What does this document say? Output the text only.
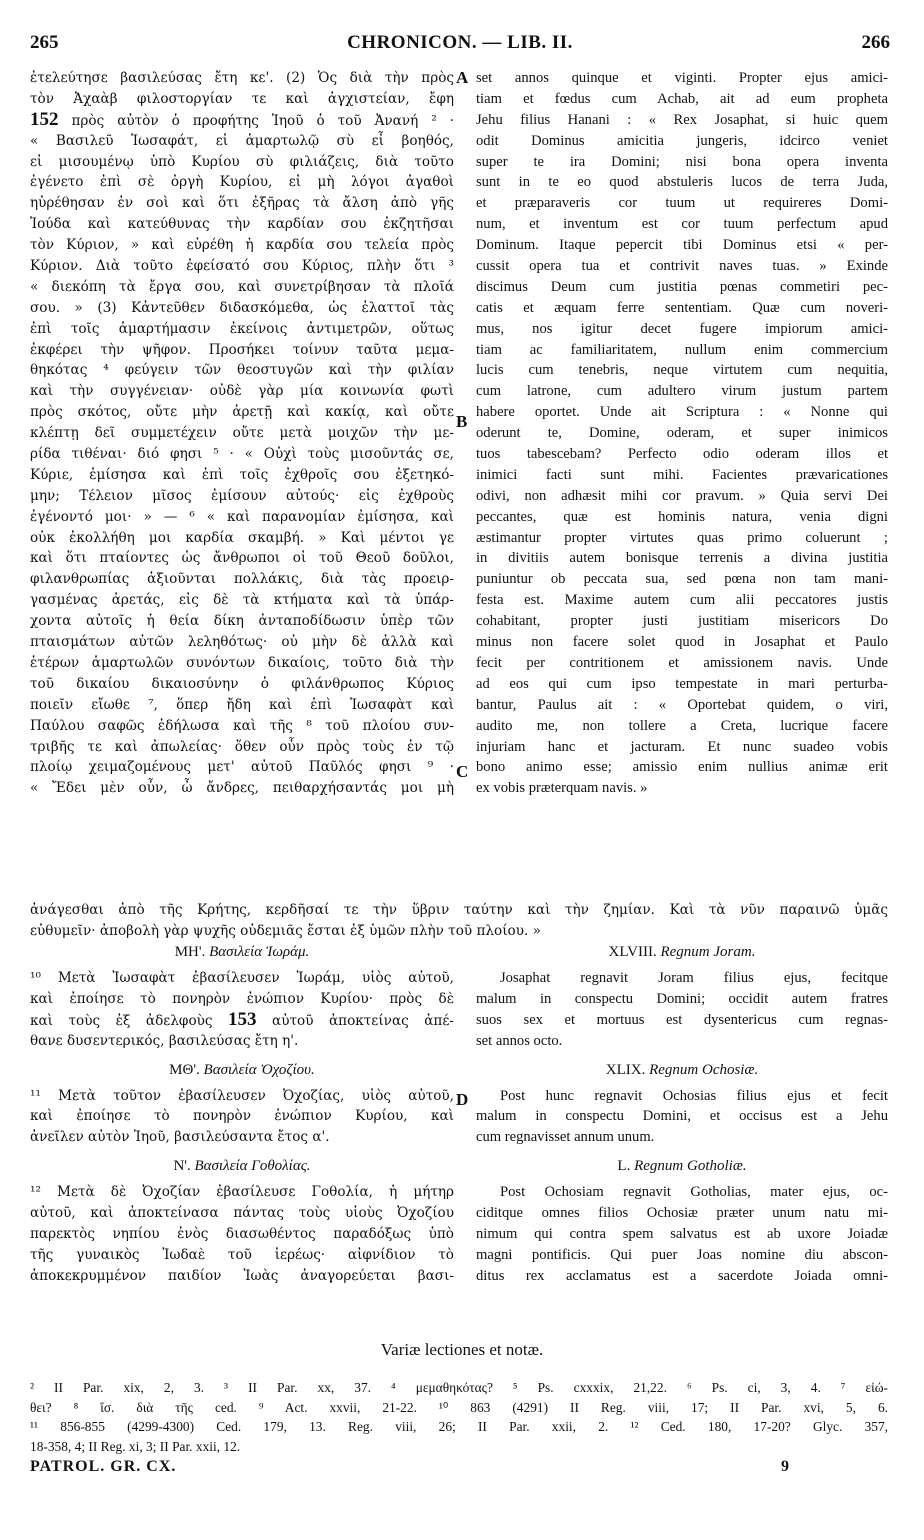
265	CHRONICON. — LIB. II.	266
ἐτελεύτησε βασιλεύσας ἔτη κε'. (2) Ὁς διὰ τὴν πρὸς
τὸν Ἀχαὰβ φιλοστοργίαν τε καὶ ἀγχιστείαν, ἔφη
152 πρὸς αὐτὸν ὁ προφήτης Ἰηοῦ ὁ τοῦ Ἀνανή ² ·
« Βασιλεῦ Ἰωσαφάτ, εἰ ἁμαρτωλῷ σὺ εἶ βοηθός,
εἰ μισουμένῳ ὑπὸ Κυρίου σὺ φιλιάζεις, διὰ τοῦτο
ἐγένετο ἐπὶ σὲ ὀργὴ Κυρίου, εἰ μὴ λόγοι ἀγαθοὶ
ηὑρέθησαν ἐν σοὶ καὶ ὅτι ἐξῆρας τὰ ἄλση ἀπὸ γῆς
Ἰούδα καὶ κατεύθυνας τὴν καρδίαν σου ἐκζητῆσαι
τὸν Κύριον, » καὶ εὑρέθη ἡ καρδία σου τελεία πρὸς
Κύριον. Διὰ τοῦτο ἐφείσατό σου Κύριος, πλὴν ὅτι ³
« διεκόπη τὰ ἔργα σου, καὶ συνετρίβησαν τὰ πλοῖά
σου. » (3) Κἀντεῦθεν διδασκόμεθα, ὡς ἐλαττοῖ τὰς
ἐπὶ τοῖς ἁμαρτήμασιν ἐκείνοις ἀντιμετρῶν, οὕτως
ἐκφέρει τὴν ψῆφον. Προσήκει τοίνυν ταῦτα μεμα-
θηκότας ⁴ φεύγειν τῶν θεοστυγῶν καὶ τὴν φιλίαν
καὶ τὴν συγγένειαν· οὐδὲ γὰρ μία κοινωνία φωτὶ
πρὸς σκότος, οὔτε μὴν ἀρετῇ καὶ κακίᾳ, καὶ οὔτε
κλέπτῃ δεῖ συμμετέχειν οὔτε μετὰ μοιχῶν τὴν με-
ρίδα τιθέναι· διό φησι ⁵ · « Οὐχὶ τοὺς μισοῦντάς σε,
Κύριε, ἐμίσησα καὶ ἐπὶ τοῖς ἐχθροῖς σου ἐξετηκό-
μην; Τέλειον μῖσος ἐμίσουν αὐτούς· εἰς ἐχθροὺς
ἐγένοντό μοι· » — ⁶ « καὶ παρανομίαν ἐμίσησα, καὶ
οὐκ ἐκολλήθη μοι καρδία σκαμβή. » Καὶ μέντοι γε
καὶ ὅτι πταίοντες ὡς ἄνθρωποι οἱ τοῦ Θεοῦ δοῦλοι,
φιλανθρωπίας ἀξιοῦνται πολλάκις, διὰ τὰς προειρ-
γασμένας ἀρετάς, εἰς δὲ τὰ κτήματα καὶ τὰ ὑπάρ-
χοντα αὐτοῖς ἡ θεία δίκη ἀνταποδίδωσιν ὑπὲρ τῶν
πταισμάτων αὐτῶν λεληθότως· οὐ μὴν δὲ ἀλλὰ καὶ
ἑτέρων ἁμαρτωλῶν συνόντων δικαίοις, τοῦτο διὰ τὴν
τοῦ δικαίου δικαιοσύνην ὁ φιλάνθρωπος Κύριος
ποιεῖν εἴωθε ⁷, ὅπερ ἤδη καὶ ἐπὶ Ἰωσαφὰτ καὶ
Παύλου σαφῶς ἐδήλωσα καὶ τῆς ⁸ τοῦ πλοίου συν-
τριβῆς τε καὶ ἀπωλείας· ὅθεν οὖν πρὸς τοὺς ἐν τῷ
πλοίῳ χειμαζομένους μετ' αὐτοῦ Παῦλός φησι ⁹ ·
« Ἔδει μὲν οὖν, ὦ ἄνδρες, πειθαρχήσαντάς μοι μὴ
set annos quinque et viginti. Propter ejus amici-
tiam et fœdus cum Achab, ait ad eum propheta
Jehu filius Hanani : « Rex Josaphat, si huic quem
odit Dominus amicitia jungeris, idcirco veniet
super te ira Domini; nisi bona opera inventa
sunt in te eo quod abstuleris lucos de terra Juda,
et præparaveris cor tuum ut requireres Domi-
num, et inventum est cor tuum perfectum apud
Dominum. Itaque pepercit tibi Dominus etsi « per-
cussit opera tua et contrivit naves tuas. » Exinde
discimus Deum cum justitia pœnas commetiri pec-
catis et æquam ferre sententiam. Quæ cum noveri-
mus, nos igitur decet fugere impiorum amici-
tiam ac familiaritatem, nullum enim commercium
lucis cum tenebris, neque virtutem cum nequitia,
cum latrone, cum adultero virum justum partem
habere oportet. Unde ait Scriptura : « Nonne qui
oderunt te, Domine, oderam, et super inimicos
tuos tabescebam? Perfecto odio oderam illos et
inimici facti sunt mihi. Facientes prævaricationes
odivi, non adhæsit mihi cor pravum. » Quia servi Dei
peccantes, quæ est hominis natura, venia digni
æstimantur propter virtutes quas primo coluerunt ;
in divitiis autem bonisque terrenis a divina justitia
puniuntur ob peccata sua, sed pœna non tam mani-
festa est. Maxime autem cum alii peccatores justis
cohabitant, propter justi justitiam misericors Do
minus non facere solet quod in Josaphat et Paulo
fecit per contritionem et amissionem navis. Unde
ad eos qui cum ipso tempestate in mari perturba-
bantur, Paulus ait : « Oportebat quidem, o viri,
audito me, non tollere a Creta, lucrique facere
injuriam hanc et jacturam. Et nunc suadeo vobis
bono animo esse; amissio enim nullius animæ erit
ex vobis præterquam navis. »
A
B
C
D
ἀνάγεσθαι ἀπὸ τῆς Κρήτης, κερδῆσαί τε τὴν ὕβριν ταύτην καὶ τὴν ζημίαν. Καὶ τὰ νῦν παραινῶ ὑμᾶς
εὐθυμεῖν· ἀποβολὴ γὰρ ψυχῆς οὐδεμιᾶς ἔσται ἐξ ὑμῶν πλὴν τοῦ πλοίου. »
ΜΗ'. Βασιλεία Ἰωράμ.	XLVIII. Regnum Joram.
¹⁰ Μετὰ Ἰωσαφὰτ ἐβασίλευσεν Ἰωράμ, υἱὸς αὐτοῦ,
καὶ ἐποίησε τὸ πονηρὸν ἐνώπιον Κυρίου· πρὸς δὲ
καὶ τοὺς ἐξ ἀδελφοὺς 153 αὐτοῦ ἀποκτείνας ἀπέ-
θανε δυσεντερικός, βασιλεύσας ἔτη η'.
Josaphat regnavit Joram filius ejus, fecitque
malum in conspectu Domini; occidit autem fratres
suos sex et mortuus est dysentericus cum regnas-
set annos octo.
ΜΘ'. Βασιλεία Ὀχοζίου.	XLIX. Regnum Ochosiæ.
¹¹ Μετὰ τοῦτον ἐβασίλευσεν Ὀχοζίας, υἱὸς αὐτοῦ,
καὶ ἐποίησε τὸ πονηρὸν ἐνώπιον Κυρίου, καὶ
ἀνεῖλεν αὐτὸν Ἰηοῦ, βασιλεύσαντα ἔτος α'.
Post hunc regnavit Ochosias filius ejus et fecit
malum in conspectu Domini, et occisus est a Jehu
cum regnavisset annum unum.
Ν'. Βασιλεία Γοθολίας.	L. Regnum Gotholiæ.
¹² Μετὰ δὲ Ὀχοζίαν ἐβασίλευσε Γοθολία, ἡ μήτηρ
αὐτοῦ, καὶ ἀποκτείνασα πάντας τοὺς υἱοὺς Ὀχοζίου
παρεκτὸς νηπίου ἑνὸς διασωθέντος παραδόξως ὑπὸ
τῆς γυναικὸς Ἰωδαὲ τοῦ ἱερέως· αἰφνίδιον τὸ
ἀποκεκρυμμένον παιδίον Ἰωὰς ἀναγορεύεται βασι-
Post Ochosiam regnavit Gotholias, mater ejus, oc-
ciditque omnes filios Ochosiæ præter unum natu mi-
nimum qui contra spem salvatus est ab uxore Joiadæ
magni pontificis. Qui puer Joas nomine diu abscon-
ditus rex acclamatus est a sacerdote Joiada omni-
Variæ lectiones et notæ.
² II Par. xix, 2, 3. ³ II Par. xx, 37. ⁴ μεμαθηκότας? ⁵ Ps. cxxxix, 21,22. ⁶ Ps. ci, 3, 4. ⁷ εἰώ-
θει? ⁸ ἴσ. διὰ τῆς ced. ⁹ Act. xxvii, 21-22. ¹⁰ 863 (4291) II Reg. viii, 17; II Par. xvi, 5, 6.
¹¹ 856-855 (4299-4300) Ced. 179, 13. Reg. viii, 26; II Par. xxii, 2. ¹² Ced. 180, 17-20? Glyc. 357,
18-358, 4; II Reg. xi, 3; II Par. xxii, 12.
PATROL. GR. CX.	9
